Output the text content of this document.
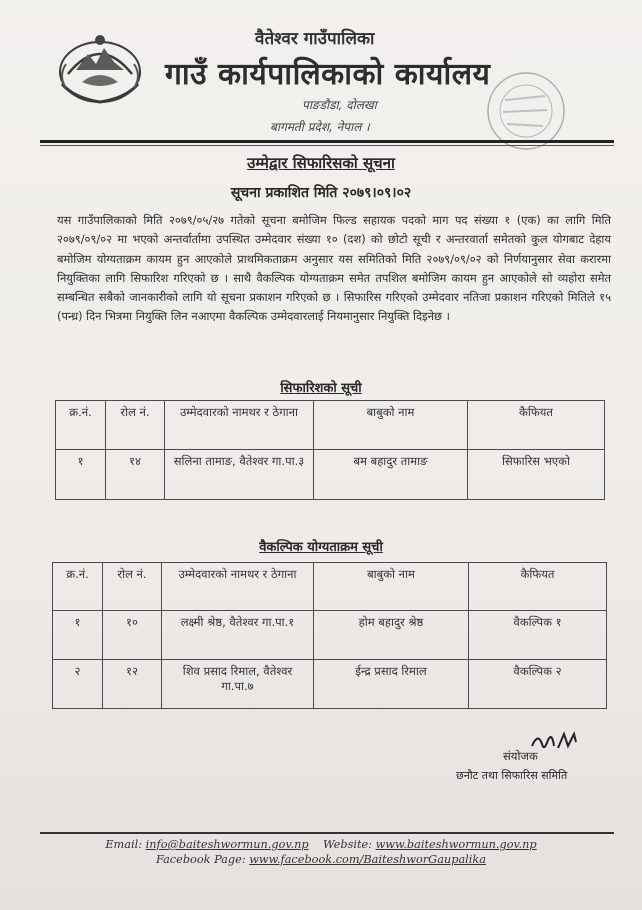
वैतेश्वर गाउँपालिका
गाउँ कार्यपालिकाको कार्यालय
पाङडौडा, दोलखा
बागमती प्रदेश, नेपाल ।
उम्मेद्वार सिफारिसको सूचना
सूचना प्रकाशित मिति २०७९।०९।०२
यस गाउँपालिकाको मिति २०७९/०५/२७ गतेको सूचना बमोजिम फिल्ड सहायक पदको माग पद संख्या १ (एक) का लागि मिति २०७९/०९/०२ मा भएको अन्तर्वार्तामा उपस्थित उम्मेदवार संख्या १० (दश) को छोटो सूची र अन्तरवार्ता समेतको कुल योगबाट देहाय बमोजिम योग्यताक्रम कायम हुन आएकोले प्राथमिकताक्रम अनुसार यस समितिको मिति २०७९/०९/०२ को निर्णयानुसार सेवा करारमा नियुक्तिका लागि सिफारिश गरिएको छ । साथै वैकल्पिक योग्यताक्रम समेत तपशिल बमोजिम कायम हुन आएकोले सो व्यहोरा समेत सम्बन्धित सबैको जानकारीको लागि यो सूचना प्रकाशन गरिएको छ । सिफारिस गरिएको उम्मेदवार नतिजा प्रकाशन गरिएको मितिले १५ (पन्ध्र) दिन भित्रमा नियुक्ति लिन नआएमा वैकल्पिक उम्मेदवारलाई नियमानुसार नियुक्ति दिइनेछ ।
सिफारिशको सूची
क्र.नं.	रोल नं.	उम्मेदवारको नामथर र ठेगाना	बाबुको नाम	कैफियत
१	१४	सलिना तामाङ, वैतेश्वर गा.पा.३	बम बहादुर तामाङ	सिफारिस भएको
वैकल्पिक योग्यताक्रम सूची
क्र.नं.	रोल नं.	उम्मेदवारको नामथर र ठेगाना	बाबुको नाम	कैफियत
१	१०	लक्ष्मी श्रेष्ठ, वैतेश्वर गा.पा.१	होम बहादुर श्रेष्ठ	वैकल्पिक १
२	१२	शिव प्रसाद रिमाल, वैतेश्वर गा.पा.७	ईन्द्र प्रसाद रिमाल	वैकल्पिक २
संयोजक
छनौट तथा सिफारिस समिति
Email: info@baiteshwormun.gov.np Website: www.baiteshwormun.gov.np
Facebook Page: www.facebook.com/BaiteshworGaupalika
